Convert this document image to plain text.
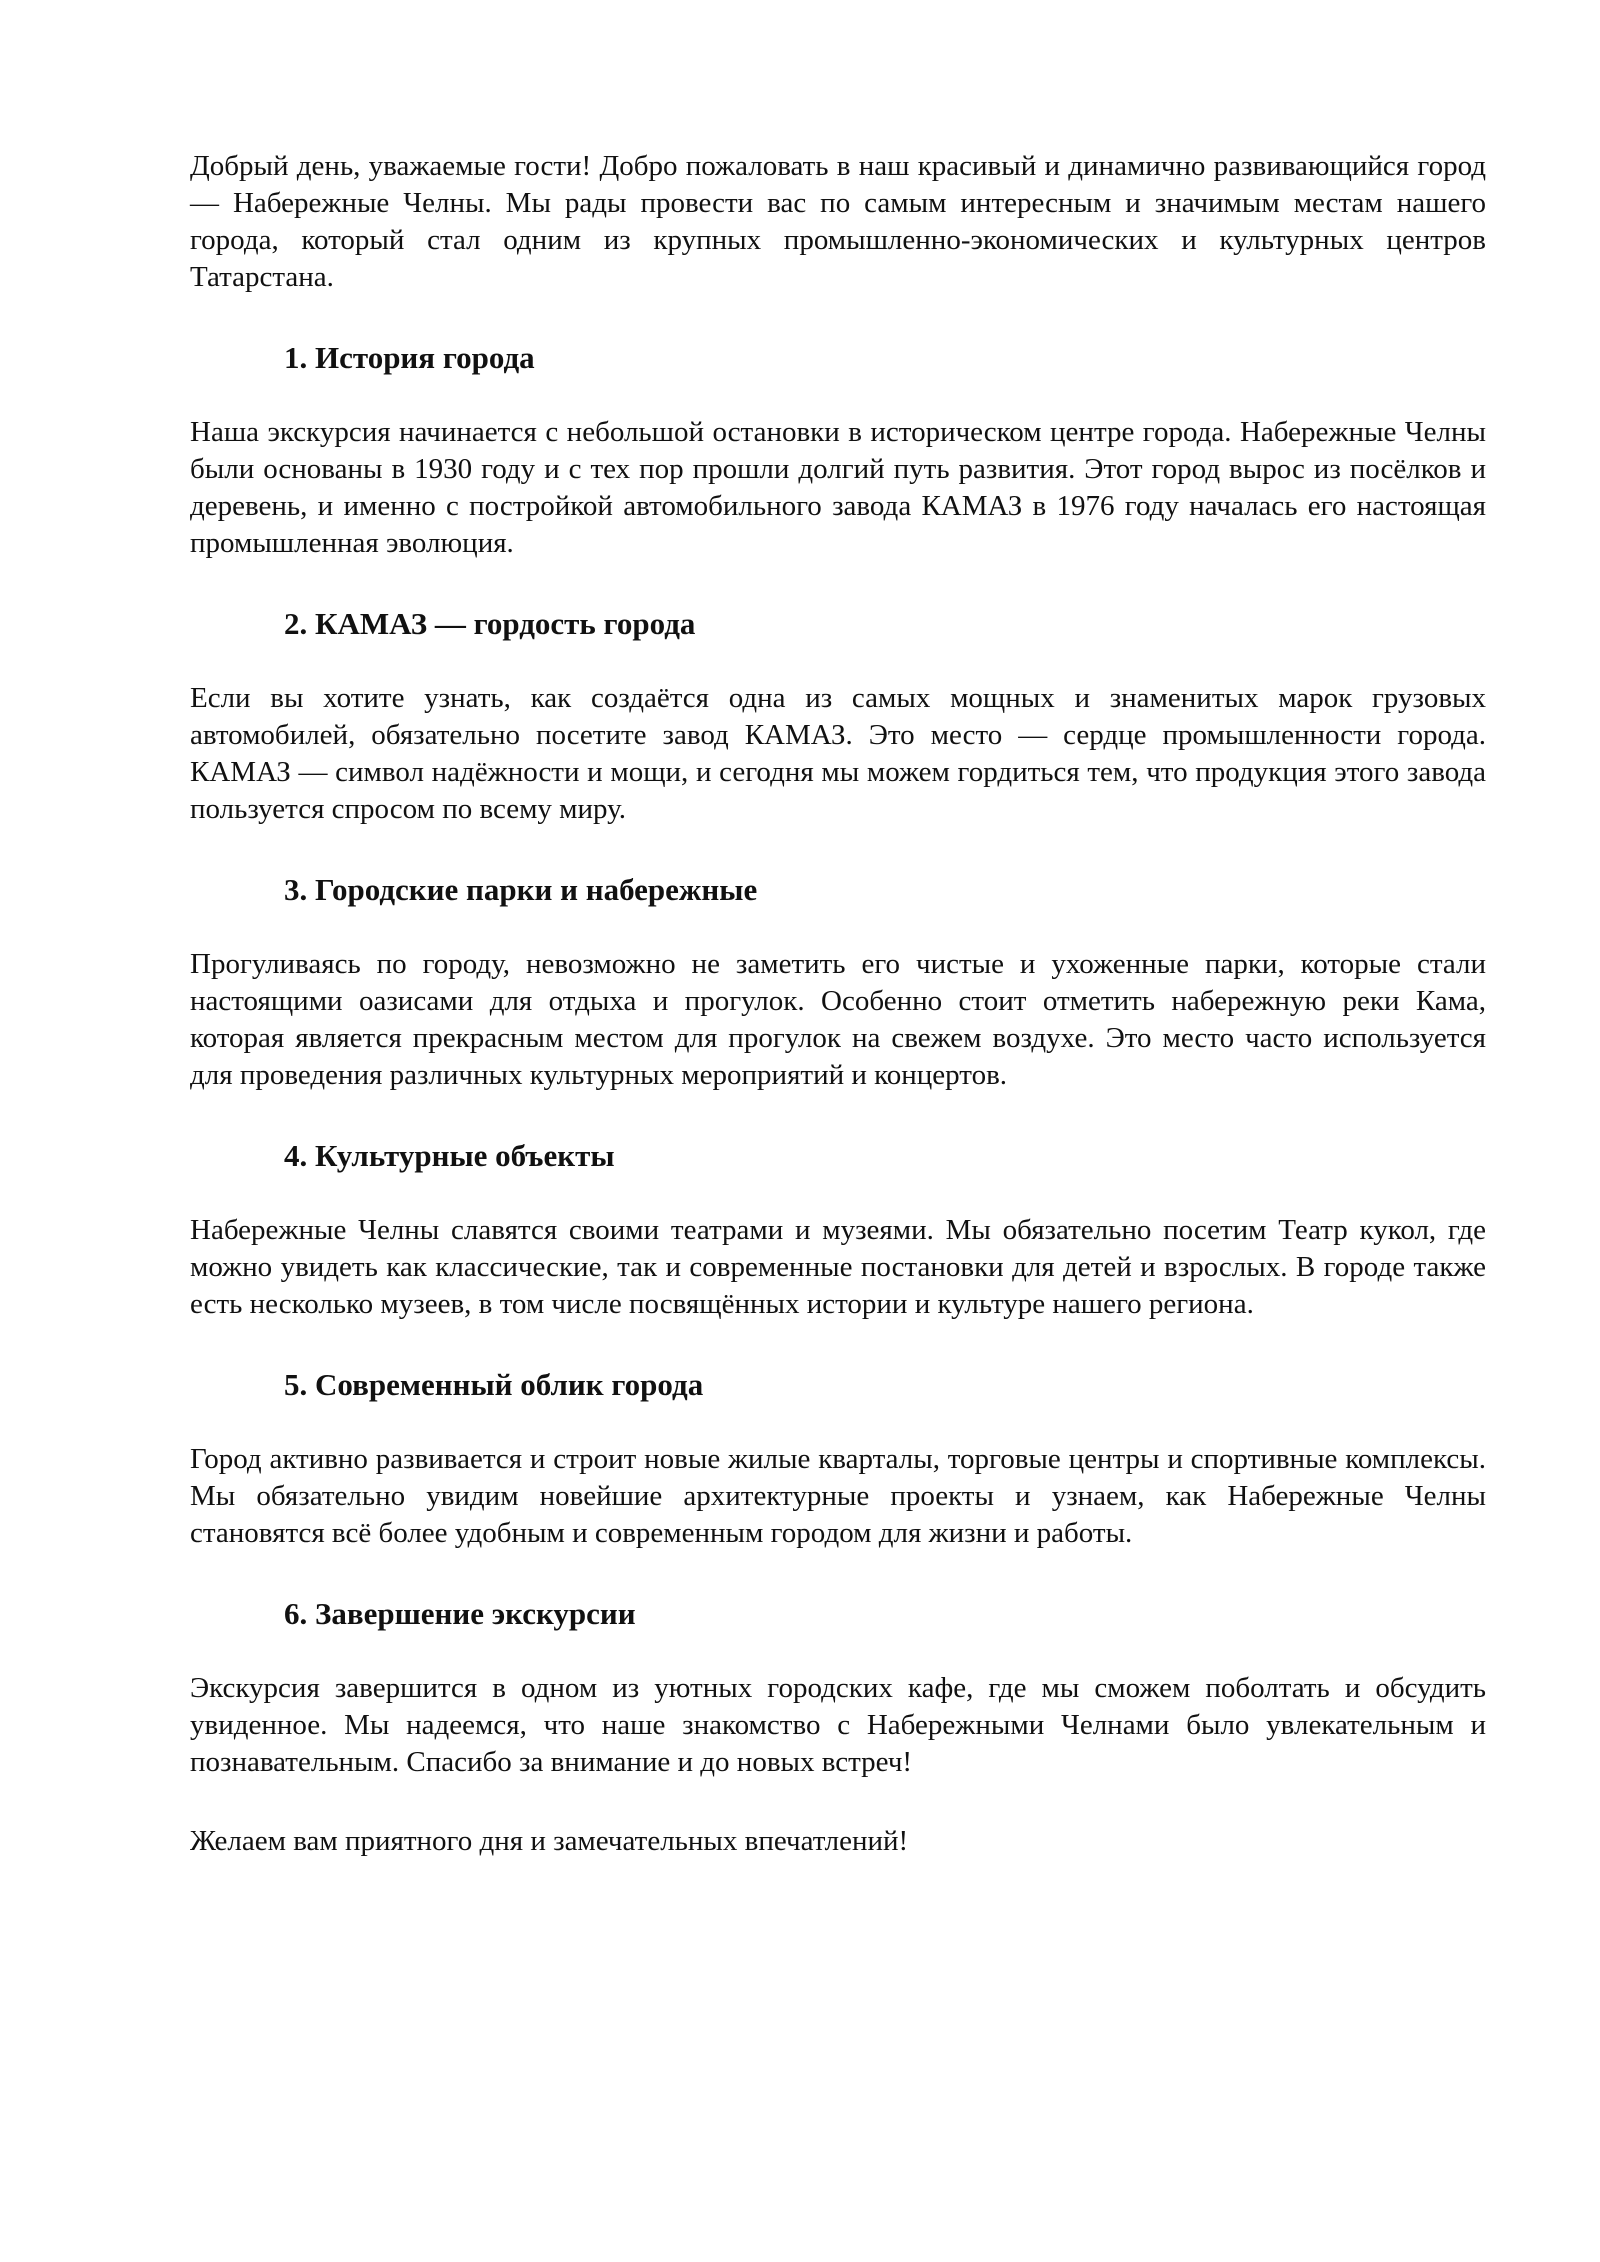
Добрый день, уважаемые гости! Добро пожаловать в наш красивый и динамично развивающийся город — Набережные Челны. Мы рады провести вас по самым интересным и значимым местам нашего города, который стал одним из крупных промышленно-экономических и культурных центров Татарстана.

1. История города

Наша экскурсия начинается с небольшой остановки в историческом центре города. Набережные Челны были основаны в 1930 году и с тех пор прошли долгий путь развития. Этот город вырос из посёлков и деревень, и именно с постройкой автомобильного завода КАМАЗ в 1976 году началась его настоящая промышленная эволюция.

2. КАМАЗ — гордость города

Если вы хотите узнать, как создаётся одна из самых мощных и знаменитых марок грузовых автомобилей, обязательно посетите завод КАМАЗ. Это место — сердце промышленности города. КАМАЗ — символ надёжности и мощи, и сегодня мы можем гордиться тем, что продукция этого завода пользуется спросом по всему миру.

3. Городские парки и набережные

Прогуливаясь по городу, невозможно не заметить его чистые и ухоженные парки, которые стали настоящими оазисами для отдыха и прогулок. Особенно стоит отметить набережную реки Кама, которая является прекрасным местом для прогулок на свежем воздухе. Это место часто используется для проведения различных культурных мероприятий и концертов.

4. Культурные объекты

Набережные Челны славятся своими театрами и музеями. Мы обязательно посетим Театр кукол, где можно увидеть как классические, так и современные постановки для детей и взрослых. В городе также есть несколько музеев, в том числе посвящённых истории и культуре нашего региона.

5. Современный облик города

Город активно развивается и строит новые жилые кварталы, торговые центры и спортивные комплексы. Мы обязательно увидим новейшие архитектурные проекты и узнаем, как Набережные Челны становятся всё более удобным и современным городом для жизни и работы.

6. Завершение экскурсии

Экскурсия завершится в одном из уютных городских кафе, где мы сможем поболтать и обсудить увиденное. Мы надеемся, что наше знакомство с Набережными Челнами было увлекательным и познавательным. Спасибо за внимание и до новых встреч!

Желаем вам приятного дня и замечательных впечатлений!
